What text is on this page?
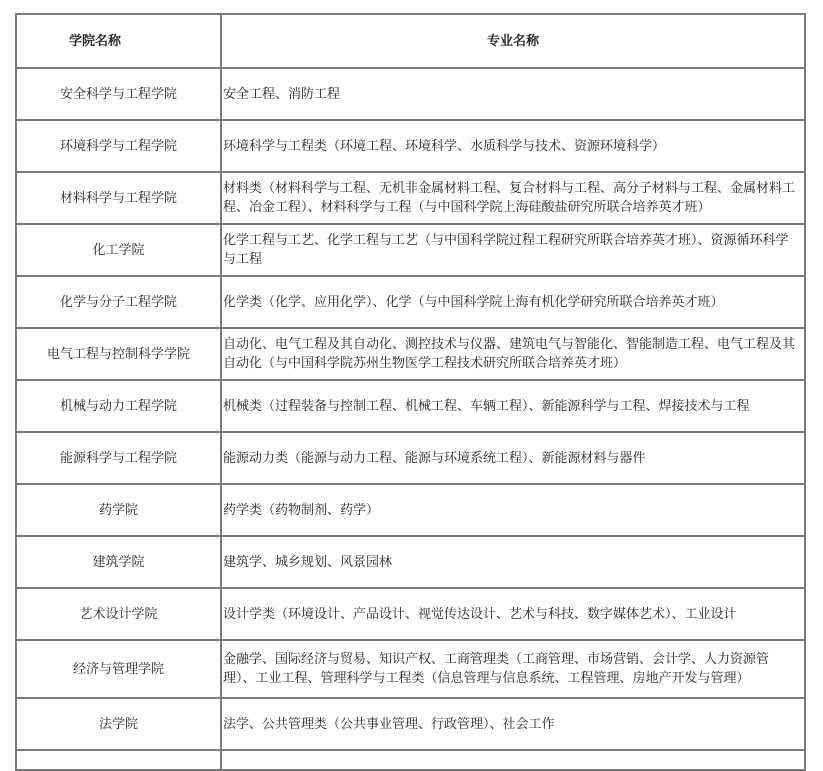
学院名称	专业名称
安全科学与工程学院	安全工程、消防工程
环境科学与工程学院	环境科学与工程类（环境工程、环境科学、水质科学与技术、资源环境科学）
材料科学与工程学院	材料类（材料科学与工程、无机非金属材料工程、复合材料与工程、高分子材料与工程、金属材料工程、冶金工程）、材料科学与工程（与中国科学院上海硅酸盐研究所联合培养英才班）
化工学院	化学工程与工艺、化学工程与工艺（与中国科学院过程工程研究所联合培养英才班）、资源循环科学与工程
化学与分子工程学院	化学类（化学、应用化学）、化学（与中国科学院上海有机化学研究所联合培养英才班）
电气工程与控制科学学院	自动化、电气工程及其自动化、测控技术与仪器、建筑电气与智能化、智能制造工程、电气工程及其自动化（与中国科学院苏州生物医学工程技术研究所联合培养英才班）
机械与动力工程学院	机械类（过程装备与控制工程、机械工程、车辆工程）、新能源科学与工程、焊接技术与工程
能源科学与工程学院	能源动力类（能源与动力工程、能源与环境系统工程）、新能源材料与器件
药学院	药学类（药物制剂、药学）
建筑学院	建筑学、城乡规划、风景园林
艺术设计学院	设计学类（环境设计、产品设计、视觉传达设计、艺术与科技、数字媒体艺术）、工业设计
经济与管理学院	金融学、国际经济与贸易、知识产权、工商管理类（工商管理、市场营销、会计学、人力资源管理）、工业工程、管理科学与工程类（信息管理与信息系统、工程管理、房地产开发与管理）
法学院	法学、公共管理类（公共事业管理、行政管理）、社会工作
